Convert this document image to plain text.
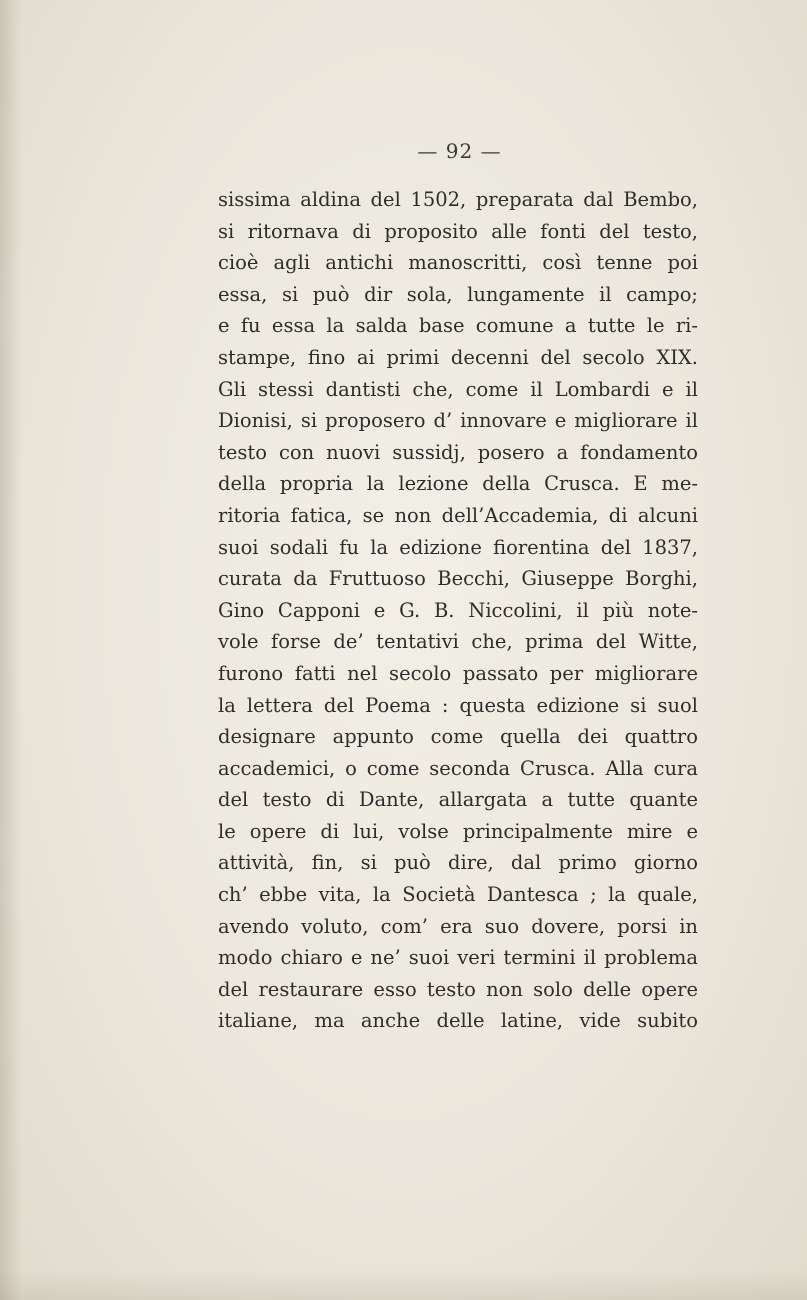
— 92 —
sissima aldina del 1502, preparata dal Bembo,
si ritornava di proposito alle fonti del testo,
cioè agli antichi manoscritti, così tenne poi
essa, si può dir sola, lungamente il campo;
e fu essa la salda base comune a tutte le ri-
stampe, fino ai primi decenni del secolo XIX.
Gli stessi dantisti che, come il Lombardi e il
Dionisi, si proposero d’ innovare e migliorare il
testo con nuovi sussidj, posero a fondamento
della propria la lezione della Crusca. E me-
ritoria fatica, se non dell’Accademia, di alcuni
suoi sodali fu la edizione fiorentina del 1837,
curata da Fruttuoso Becchi, Giuseppe Borghi,
Gino Capponi e G. B. Niccolini, il più note-
vole forse de’ tentativi che, prima del Witte,
furono fatti nel secolo passato per migliorare
la lettera del Poema : questa edizione si suol
designare appunto come quella dei quattro
accademici, o come seconda Crusca. Alla cura
del testo di Dante, allargata a tutte quante
le opere di lui, volse principalmente mire e
attività, fin, si può dire, dal primo giorno
ch’ ebbe vita, la Società Dantesca ; la quale,
avendo voluto, com’ era suo dovere, porsi in
modo chiaro e ne’ suoi veri termini il problema
del restaurare esso testo non solo delle opere
italiane, ma anche delle latine, vide subito
